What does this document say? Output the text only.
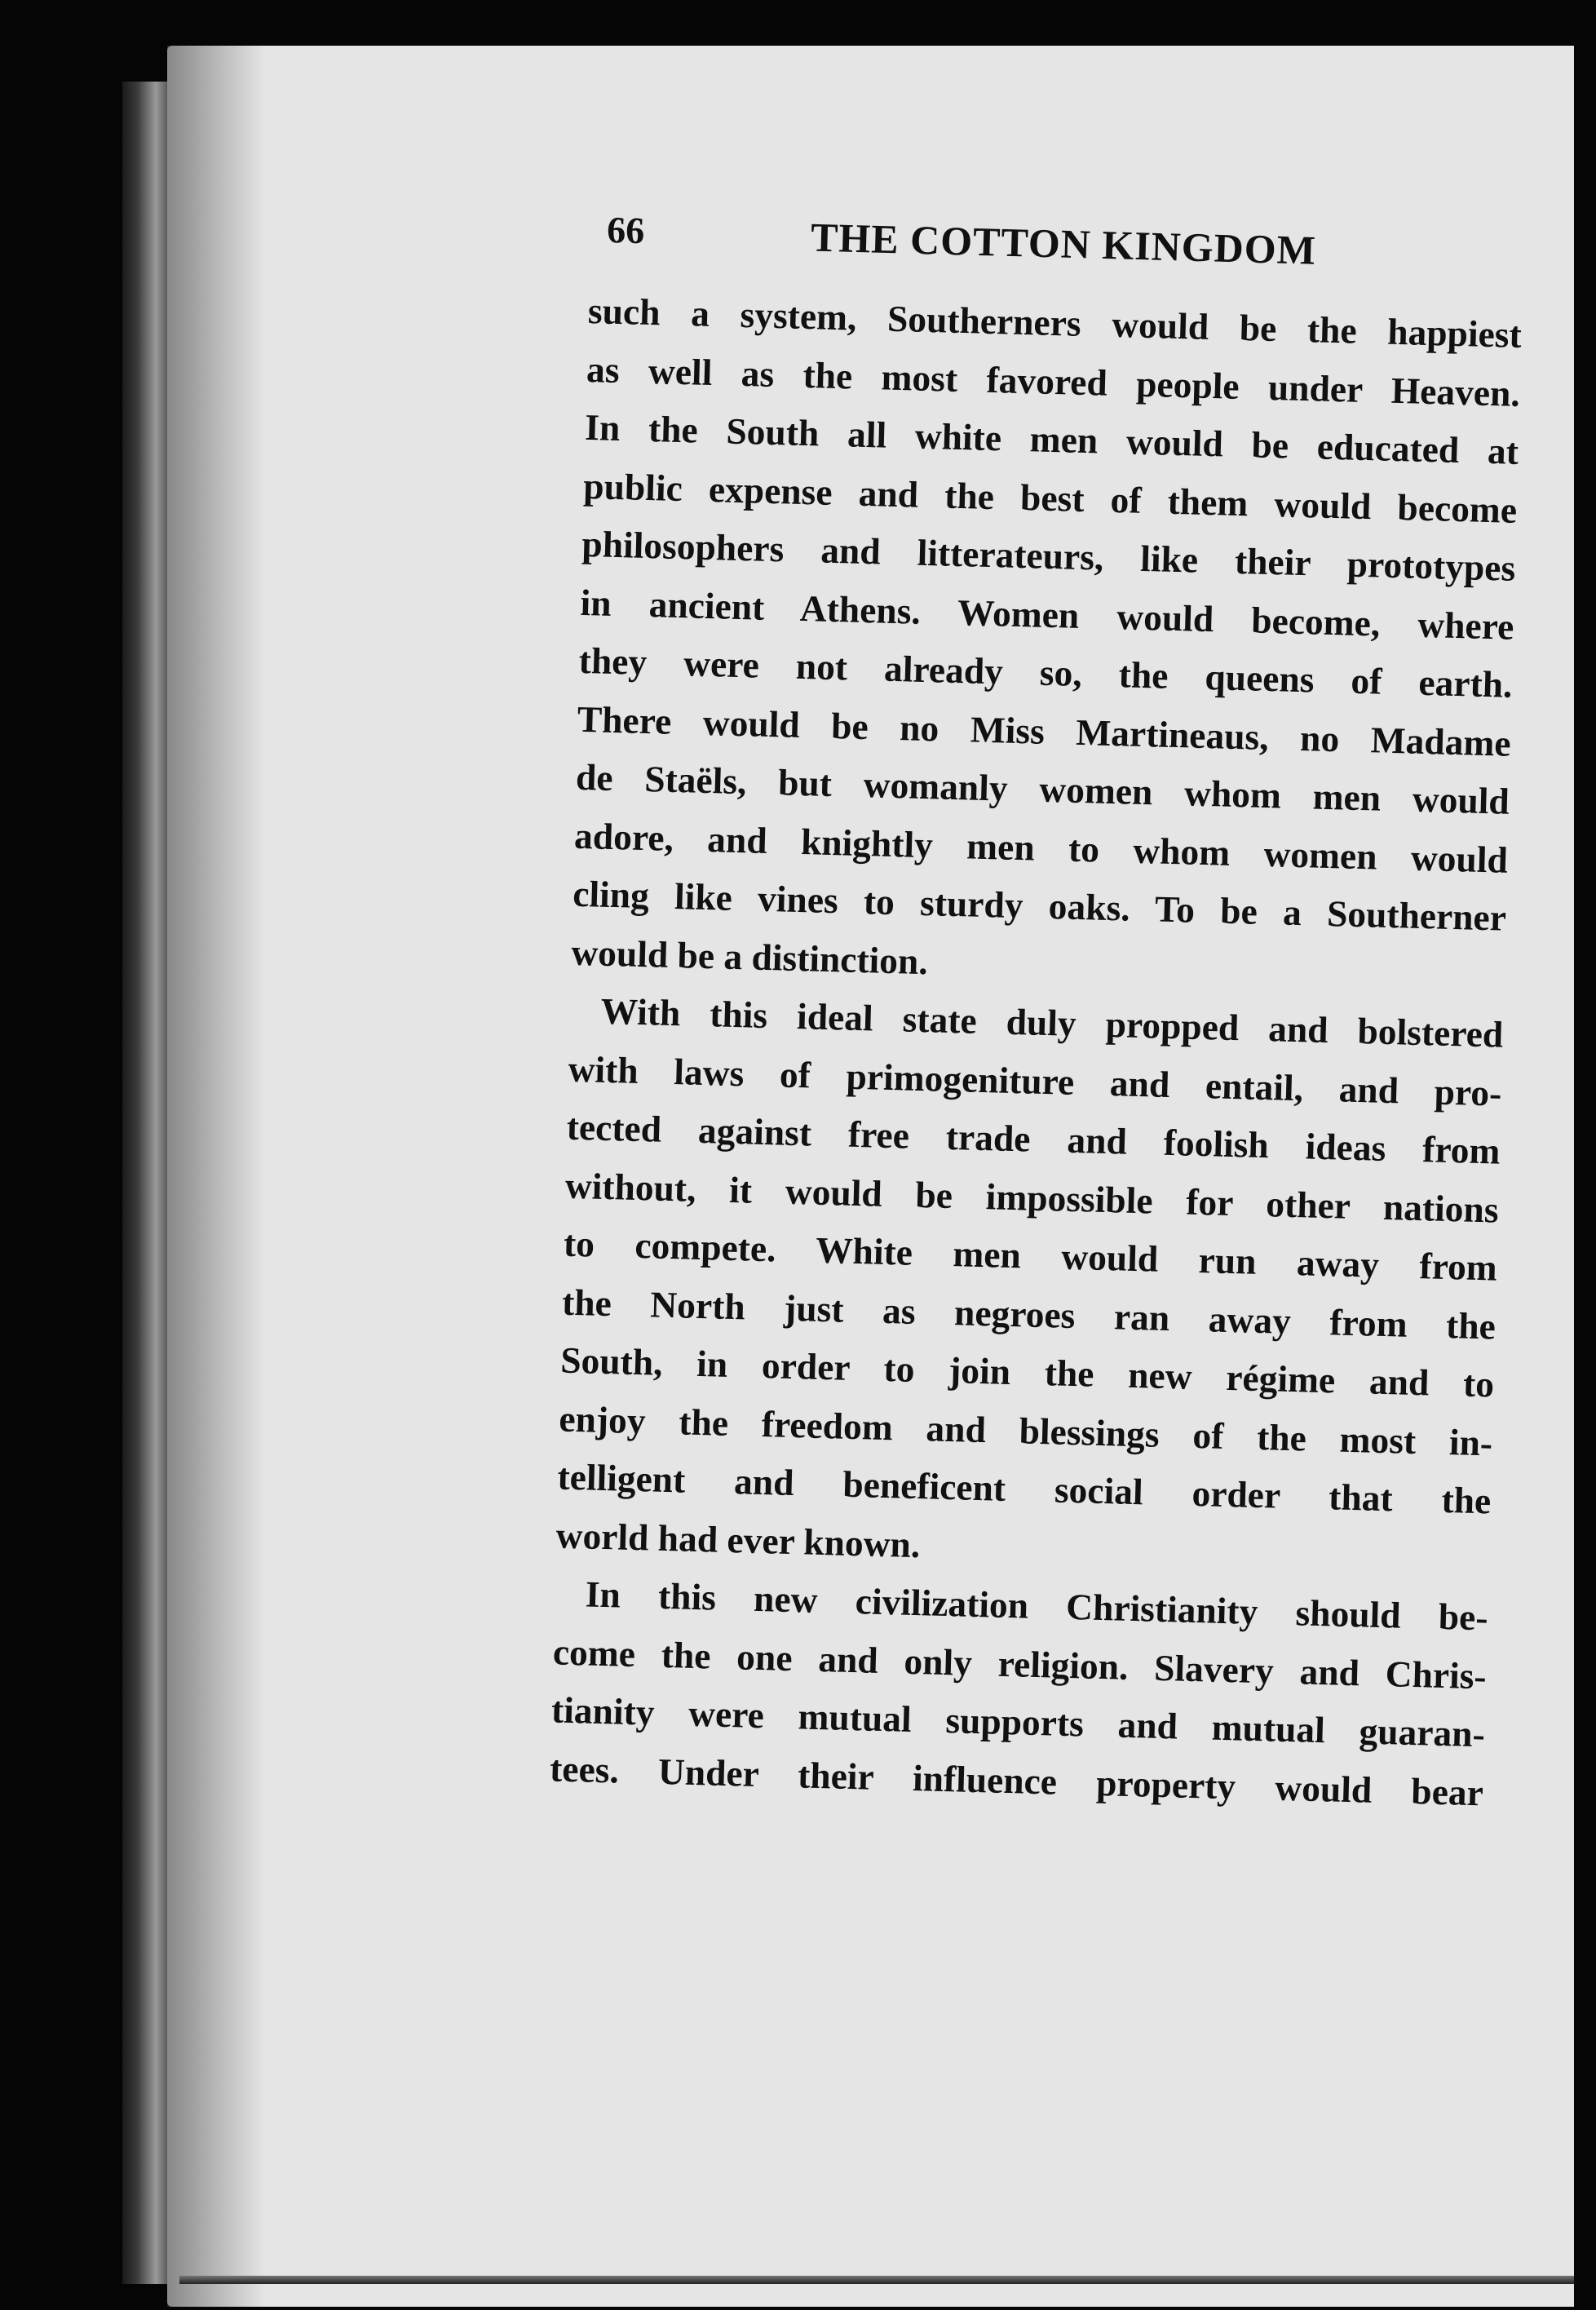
66	THE COTTON KINGDOM

such a system, Southerners would be the happiest

as well as the most favored people under Heaven.

In the South all white men would be educated at

public expense and the best of them would become

philosophers and litterateurs, like their prototypes

in ancient Athens. Women would become, where

they were not already so, the queens of earth.

There would be no Miss Martineaus, no Madame

de Staëls, but womanly women whom men would

adore, and knightly men to whom women would

cling like vines to sturdy oaks. To be a Southerner

would be a distinction.

With this ideal state duly propped and bolstered

with laws of primogeniture and entail, and pro-

tected against free trade and foolish ideas from

without, it would be impossible for other nations

to compete. White men would run away from

the North just as negroes ran away from the

South, in order to join the new régime and to

enjoy the freedom and blessings of the most in-

telligent and beneficent social order that the

world had ever known.

In this new civilization Christianity should be-

come the one and only religion. Slavery and Chris-

tianity were mutual supports and mutual guaran-

tees. Under their influence property would bear
